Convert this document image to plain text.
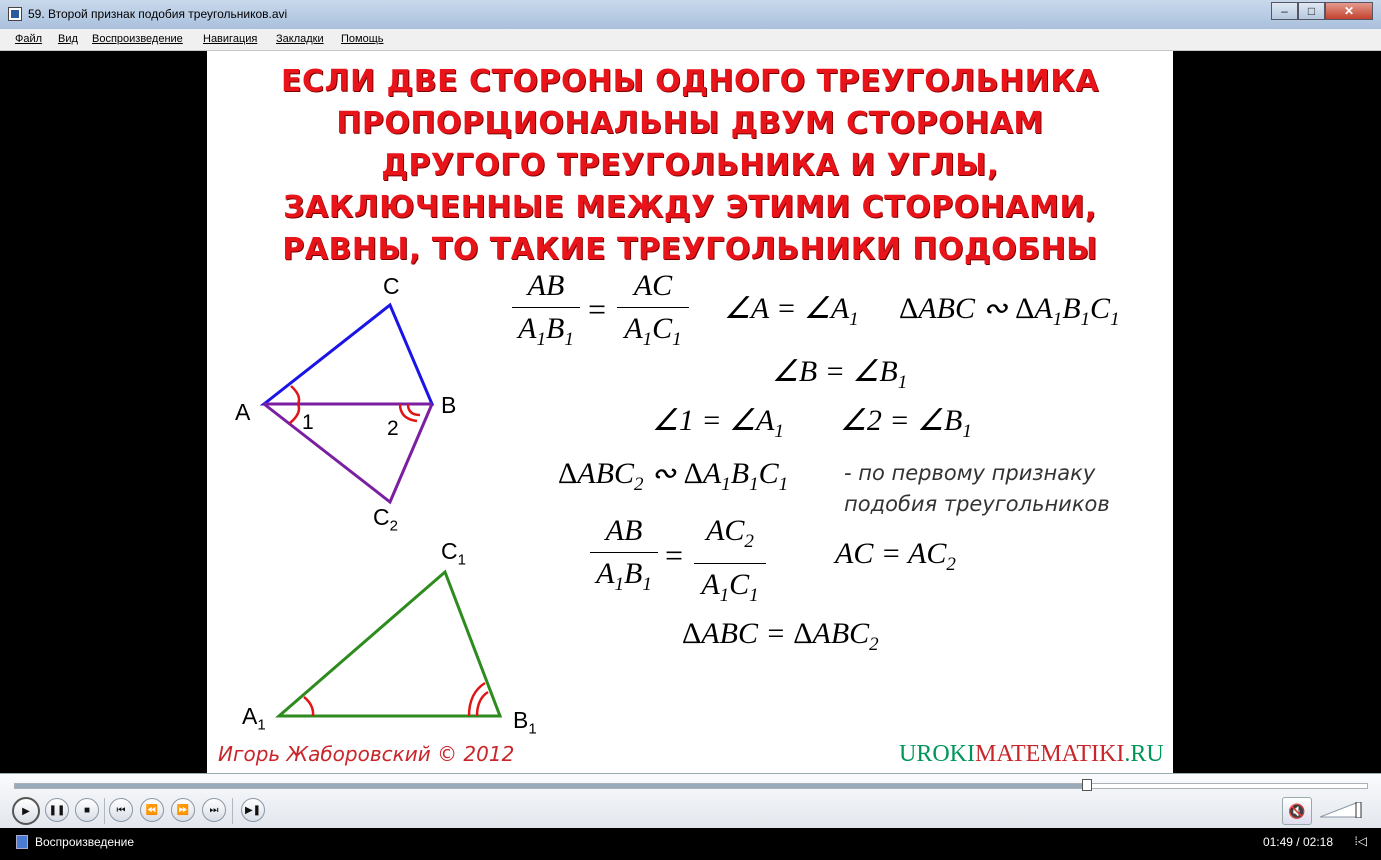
59. Второй признак подобия треугольников.avi	‒	□	✕
Файл Вид Воспроизведение Навигация Закладки Помощь
ЕСЛИ ДВЕ СТОРОНЫ ОДНОГО ТРЕУГОЛЬНИКА
ПРОПОРЦИОНАЛЬНЫ ДВУМ СТОРОНАМ
ДРУГОГО ТРЕУГОЛЬНИКА И УГЛЫ,
ЗАКЛЮЧЕННЫЕ МЕЖДУ ЭТИМИ СТОРОНАМИ,
РАВНЫ, ТО ТАКИЕ ТРЕУГОЛЬНИКИ ПОДОБНЫ
C
A	B
1	2
$C_2$
$C_1$
$A_1$	$B_1$
AB
$A_1B_1$
=
AC
$A_1C_1$
∠A = $\angle A_1$ ΔABC ∾ $\Delta A_1B_1C_1$
∠B = $\angle B_1$
∠1 = $\angle A_1$ ∠2 = $\angle B_1$
$\Delta ABC_2$ ∾ $\Delta A_1B_1C_1$	- по первому признаку
подобия треугольников
AB
$A_1B_1$
=
$AC_2$
$A_1C_1$
AC = $AC_2$
$\Delta ABC = \Delta ABC_2$
Игорь Жаборовский © 2012	UROKIMATEMATIKI.RU
▶ ❚❚ ■	⏮ ⏪ ⏩ ⏭	▶❚	🔇
Воспроизведение	01:49 / 02:18 ⁞◁
